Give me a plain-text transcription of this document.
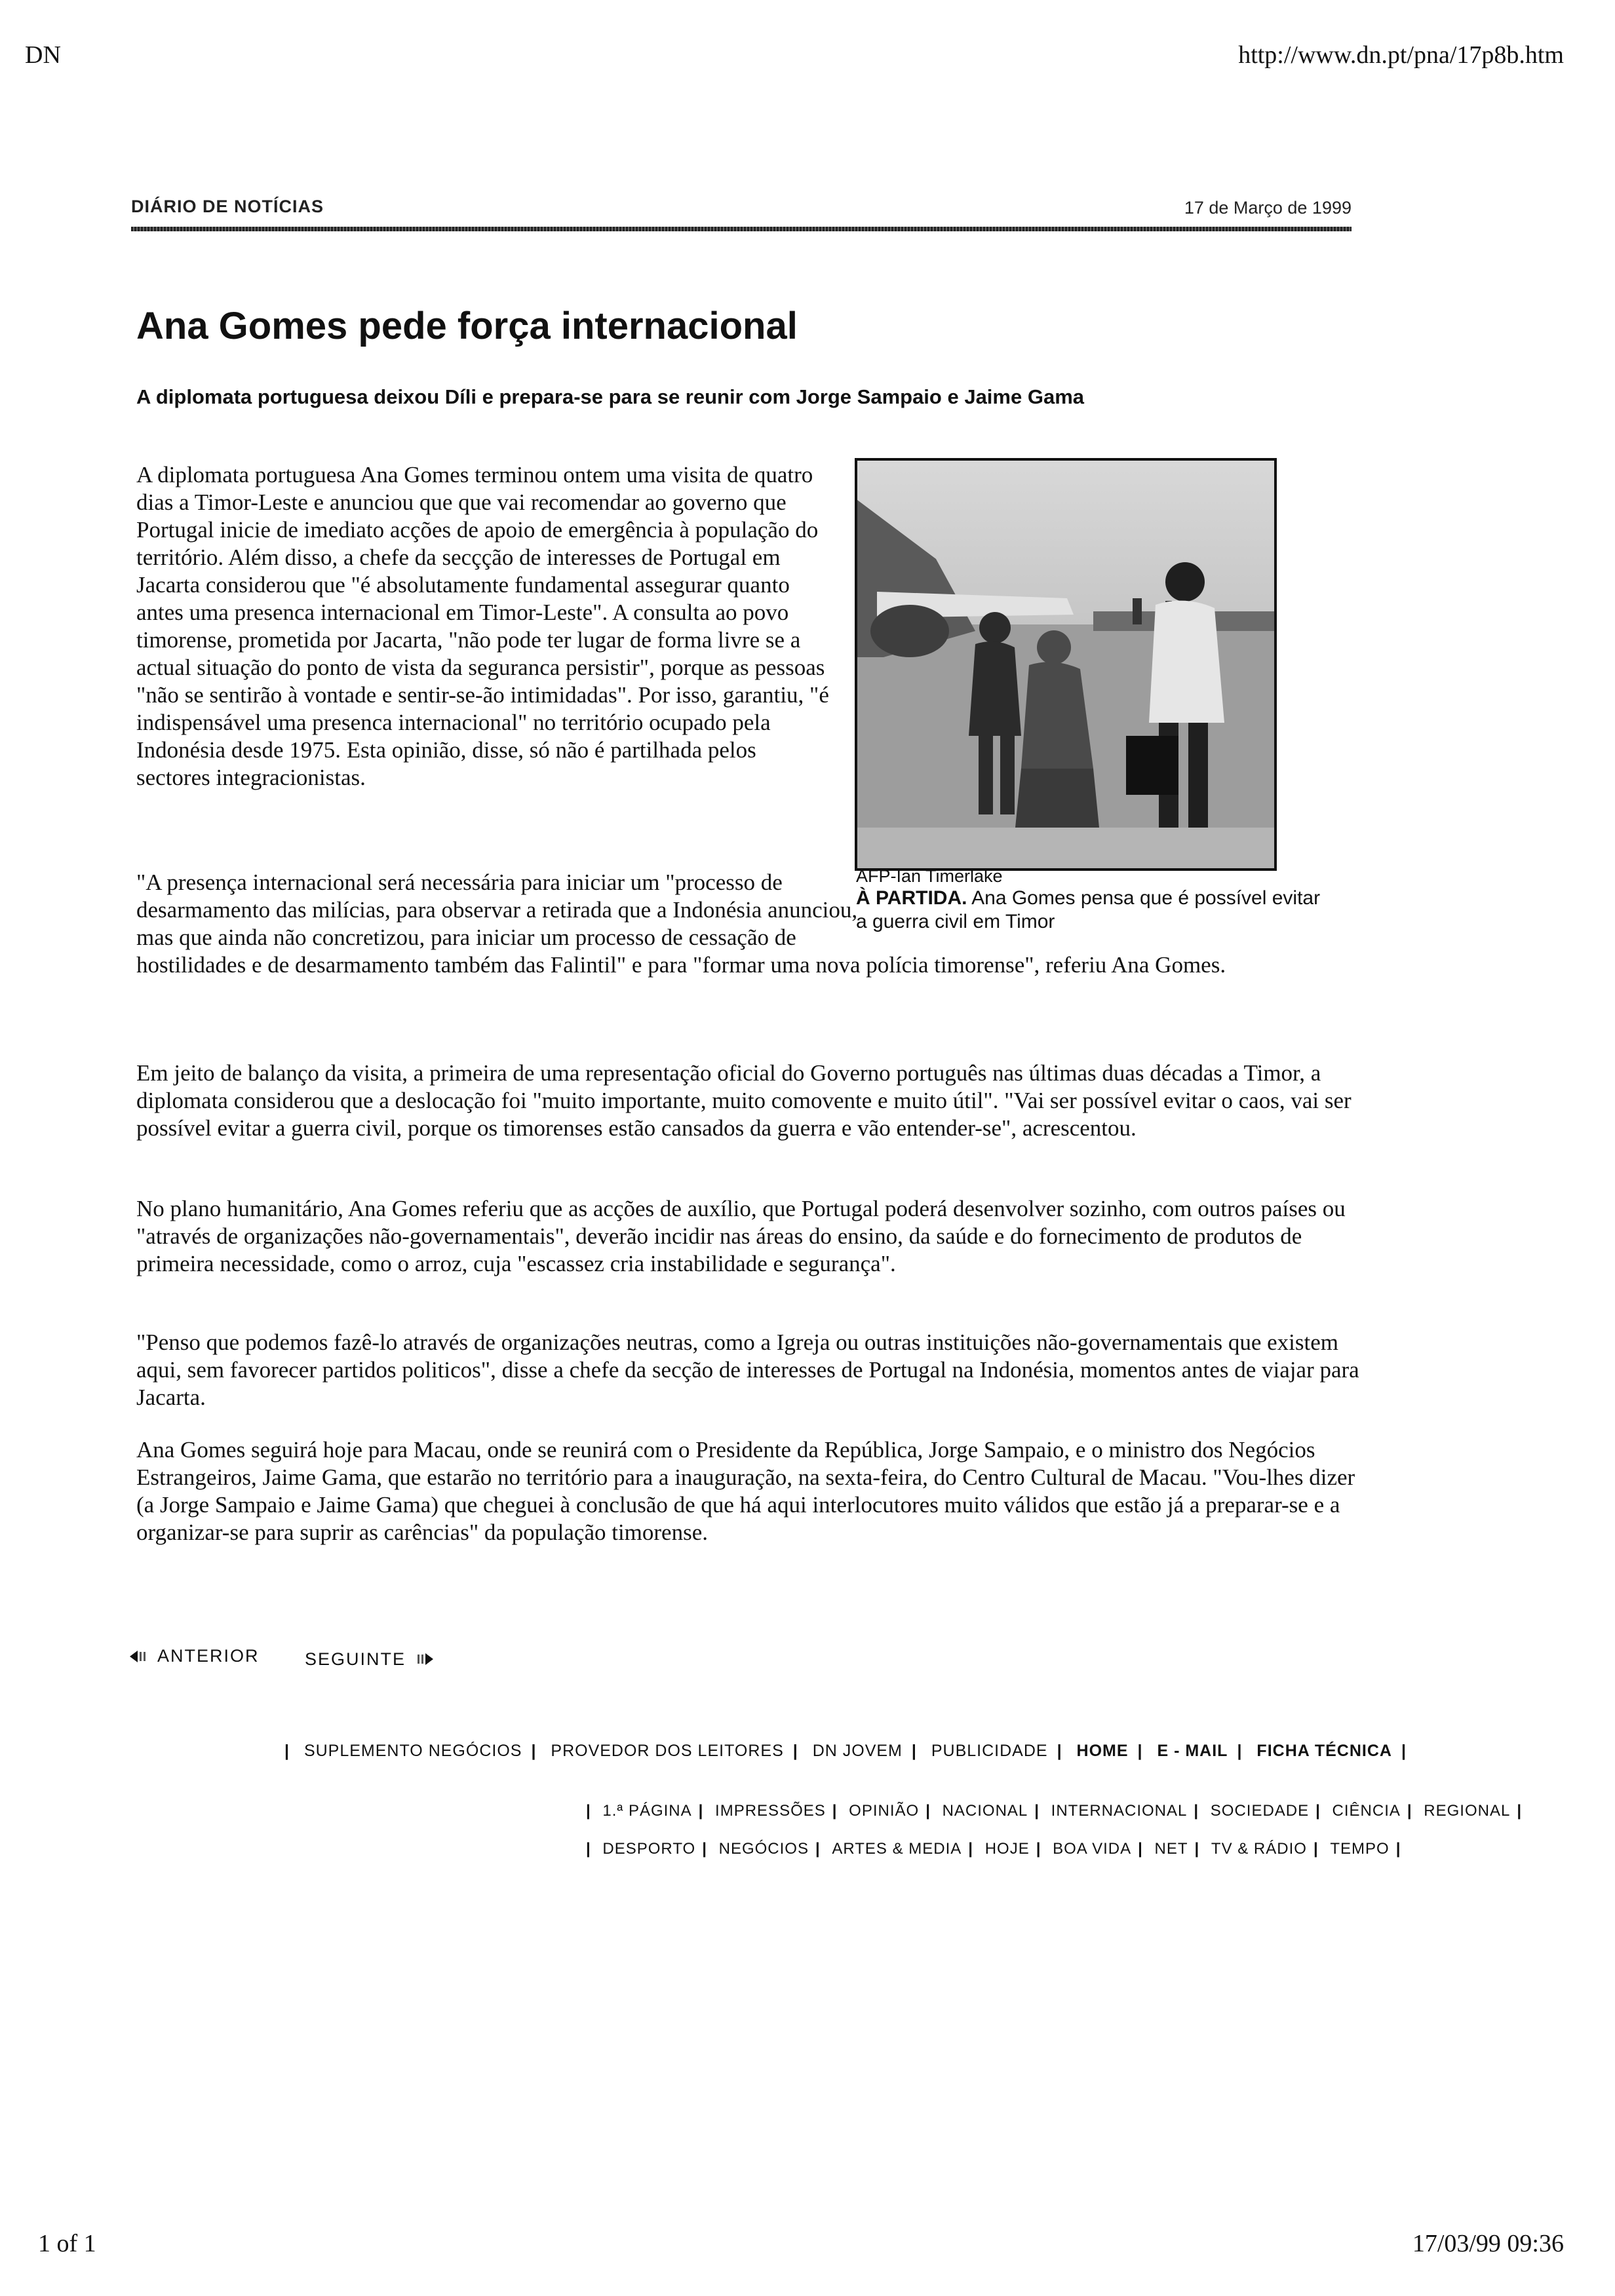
DN	http://www.dn.pt/pna/17p8b.htm
1 of 1	17/03/99 09:36
DIÁRIO DE NOTÍCIAS	17 de Março de 1999
Ana Gomes pede força internacional
A diplomata portuguesa deixou Díli e prepara-se para se reunir com Jorge Sampaio e Jaime Gama
AFP-Ian Timerlake
À PARTIDA. Ana Gomes pensa que é possível evitar a guerra civil em Timor

A diplomata portuguesa Ana Gomes terminou ontem uma visita de quatro dias a Timor-Leste e anunciou que que vai recomendar ao governo que Portugal inicie de imediato acções de apoio de emergência à população do território. Além disso, a chefe da secçção de interesses de Portugal em Jacarta considerou que "é absolutamente fundamental assegurar quanto antes uma presenca internacional em Timor-Leste". A consulta ao povo timorense, prometida por Jacarta, "não pode ter lugar de forma livre se a actual situação do ponto de vista da seguranca persistir", porque as pessoas "não se sentirão à vontade e sentir-se-ão intimidadas". Por isso, garantiu, "é indispensável uma presenca internacional" no território ocupado pela Indonésia desde 1975. Esta opinião, disse, só não é partilhada pelos sectores integracionistas.

"A presença internacional será necessária para iniciar um "processo de desarmamento das milícias, para observar a retirada que a Indonésia anunciou, mas que ainda não concretizou, para iniciar um processo de cessação de hostilidades e de desarmamento também das Falintil" e para "formar uma nova polícia timorense", referiu Ana Gomes.

Em jeito de balanço da visita, a primeira de uma representação oficial do Governo português nas últimas duas décadas a Timor, a diplomata considerou que a deslocação foi "muito importante, muito comovente e muito útil". "Vai ser possível evitar o caos, vai ser possível evitar a guerra civil, porque os timorenses estão cansados da guerra e vão entender-se", acrescentou.

No plano humanitário, Ana Gomes referiu que as acções de auxílio, que Portugal poderá desenvolver sozinho, com outros países ou "através de organizações não-governamentais", deverão incidir nas áreas do ensino, da saúde e do fornecimento de produtos de primeira necessidade, como o arroz, cuja "escassez cria instabilidade e segurança".

"Penso que podemos fazê-lo através de organizações neutras, como a Igreja ou outras instituições não-governamentais que existem aqui, sem favorecer partidos politicos", disse a chefe da secção de interesses de Portugal na Indonésia, momentos antes de viajar para Jacarta.

Ana Gomes seguirá hoje para Macau, onde se reunirá com o Presidente da República, Jorge Sampaio, e o ministro dos Negócios Estrangeiros, Jaime Gama, que estarão no território para a inauguração, na sexta-feira, do Centro Cultural de Macau. "Vou-lhes dizer (a Jorge Sampaio e Jaime Gama) que cheguei à conclusão de que há aqui interlocutores muito válidos que estão já a preparar-se e a organizar-se para suprir as carências" da população timorense.

ANTERIOR
	SEGUINTE
| SUPLEMENTO NEGÓCIOS | PROVEDOR DOS LEITORES | DN JOVEM | PUBLICIDADE | HOME | E - MAIL | FICHA TÉCNICA |
| 1.ª PÁGINA | IMPRESSÕES | OPINIÃO | NACIONAL | INTERNACIONAL | SOCIEDADE | CIÊNCIA | REGIONAL |
| DESPORTO | NEGÓCIOS | ARTES & MEDIA | HOJE | BOA VIDA | NET | TV & RÁDIO | TEMPO |
